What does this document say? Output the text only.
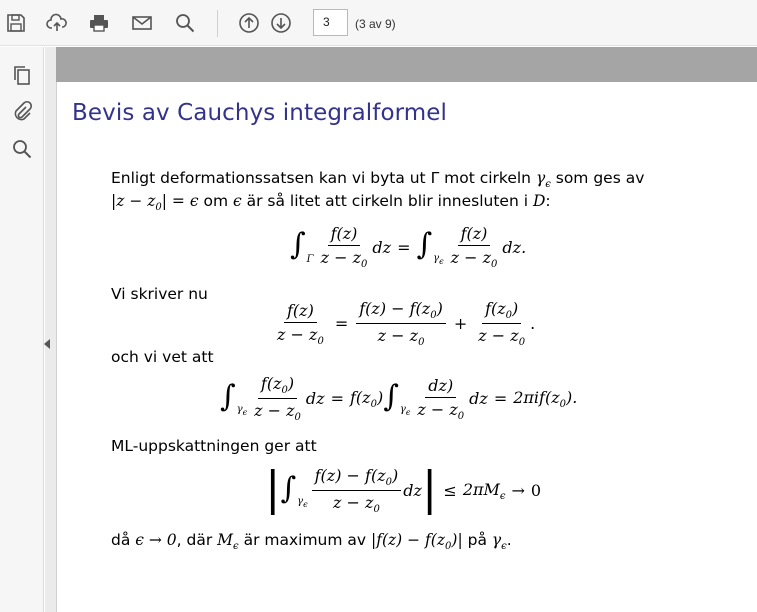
3	(3 av 9)
Bevis av Cauchys integralformel
Enligt deformationssatsen kan vi byta ut Γ mot cirkeln $\gamma_\epsilon$ som ges av
$|z - z_0| = \epsilon$ om ϵ är så litet att cirkeln blir innesluten i D:
∫ Γ $\frac{f(z)}{z - z_0}$ dz = ∫ $\gamma_\epsilon \frac{f(z)}{z - z_0}$ dz.
Vi skriver nu
$\frac{f(z)}{z - z_0} = \frac{f(z) - f(z_0)}{z - z_0} + \frac{f(z_0)}{z - z_0}$ .
och vi vet att
∫ $\gamma_\epsilon \frac{f(z_0)}{z - z_0}$ dz = $f(z_0)$ ∫ $\gamma_\epsilon \frac{dz)}{z - z_0}$ dz = $2\pi if(z_0)$.
ML-uppskattningen ger att
| ∫ $\gamma_\epsilon \frac{f(z) - f(z_0)}{z - z_0}$ dz | ≤ $2\pi M_\epsilon \to 0$
då ϵ → 0, där $M_\epsilon$ är maximum av $|f(z) - f(z_0)|$ på $\gamma_\epsilon$.
